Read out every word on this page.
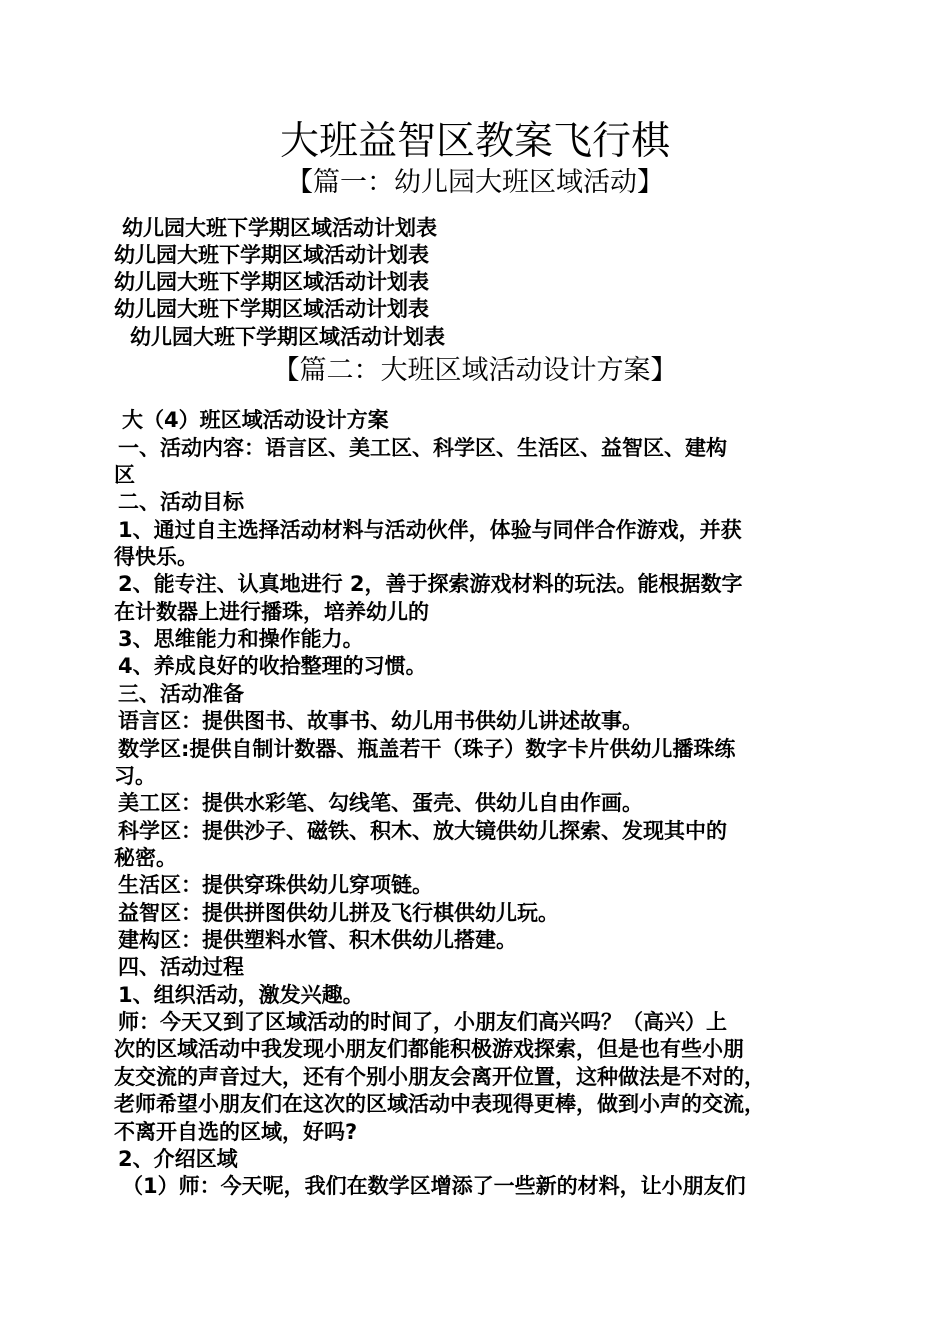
大班益智区教案飞行棋
【篇一：幼儿园大班区域活动】
幼儿园大班下学期区域活动计划表
幼儿园大班下学期区域活动计划表
幼儿园大班下学期区域活动计划表
幼儿园大班下学期区域活动计划表
幼儿园大班下学期区域活动计划表
【篇二：大班区域活动设计方案】
大（4）班区域活动设计方案
一、活动内容：语言区、美工区、科学区、生活区、益智区、建构
区
二、活动目标
1、通过自主选择活动材料与活动伙伴，体验与同伴合作游戏，并获
得快乐。
2、能专注、认真地进行 2，善于探索游戏材料的玩法。能根据数字
在计数器上进行播珠，培养幼儿的
3、思维能力和操作能力。
4、养成良好的收拾整理的习惯。
三、活动准备
语言区：提供图书、故事书、幼儿用书供幼儿讲述故事。
数学区:提供自制计数器、瓶盖若干（珠子）数字卡片供幼儿播珠练
习。
美工区：提供水彩笔、勾线笔、蛋壳、供幼儿自由作画。
科学区：提供沙子、磁铁、积木、放大镜供幼儿探索、发现其中的
秘密。
生活区：提供穿珠供幼儿穿项链。
益智区：提供拼图供幼儿拼及飞行棋供幼儿玩。
建构区：提供塑料水管、积木供幼儿搭建。
四、活动过程
1、组织活动，激发兴趣。
师：今天又到了区域活动的时间了，小朋友们高兴吗？（高兴）上
次的区域活动中我发现小朋友们都能积极游戏探索，但是也有些小朋
友交流的声音过大，还有个别小朋友会离开位置，这种做法是不对的，
老师希望小朋友们在这次的区域活动中表现得更棒，做到小声的交流，
不离开自选的区域，好吗?
2、介绍区域
（1）师：今天呢，我们在数学区增添了一些新的材料，让小朋友们
